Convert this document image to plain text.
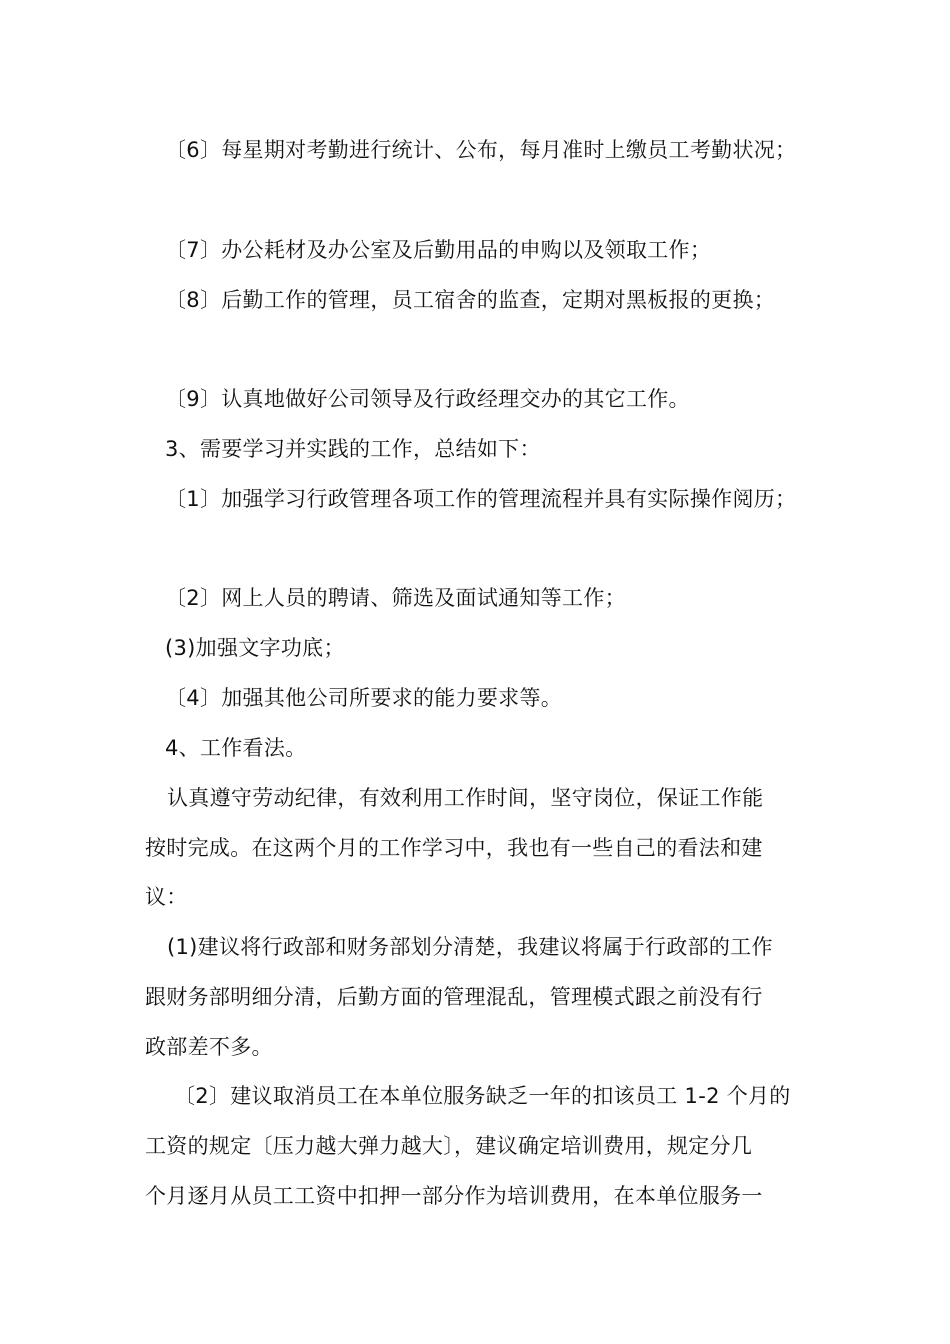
〔6〕每星期对考勤进行统计、公布，每月准时上缴员工考勤状况；
〔7〕办公耗材及办公室及后勤用品的申购以及领取工作；
〔8〕后勤工作的管理，员工宿舍的监查，定期对黑板报的更换；
〔9〕认真地做好公司领导及行政经理交办的其它工作。
3、需要学习并实践的工作，总结如下：
〔1〕加强学习行政管理各项工作的管理流程并具有实际操作阅历；
〔2〕网上人员的聘请、筛选及面试通知等工作；
(3)加强文字功底；
〔4〕加强其他公司所要求的能力要求等。
4、工作看法。
认真遵守劳动纪律，有效利用工作时间，坚守岗位，保证工作能
按时完成。在这两个月的工作学习中，我也有一些自己的看法和建
议：
(1)建议将行政部和财务部划分清楚，我建议将属于行政部的工作
跟财务部明细分清，后勤方面的管理混乱，管理模式跟之前没有行
政部差不多。
〔2〕建议取消员工在本单位服务缺乏一年的扣该员工 1-2 个月的
工资的规定〔压力越大弹力越大〕，建议确定培训费用，规定分几
个月逐月从员工工资中扣押一部分作为培训费用，在本单位服务一
